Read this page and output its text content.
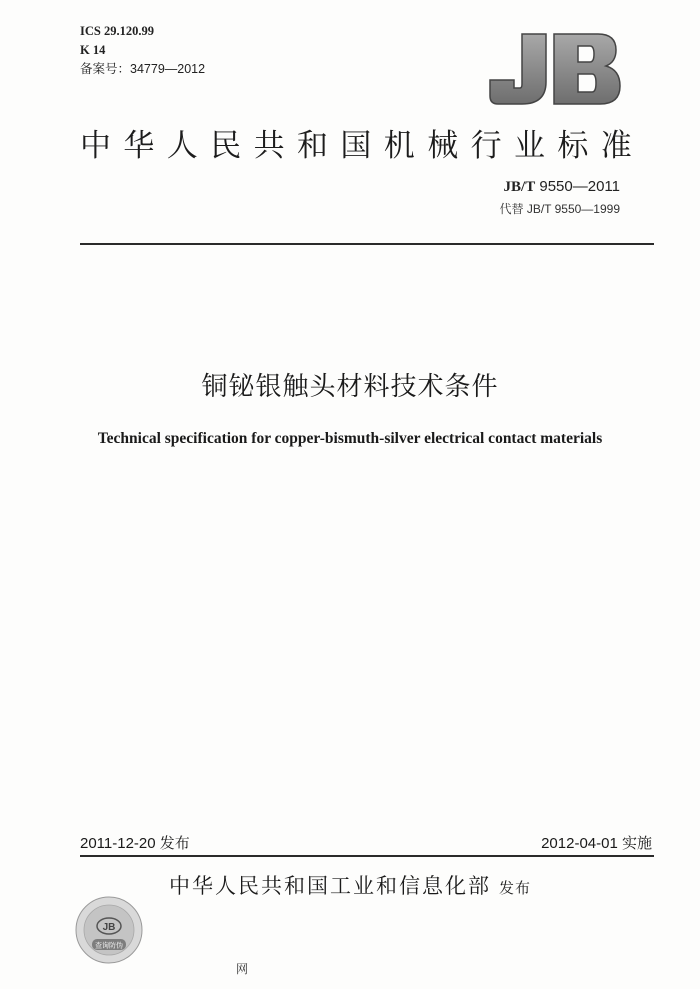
ICS 29.120.99
K 14
备案号：34779—2012
中华人民共和国机械行业标准
JB/T 9550—2011
代替 JB/T 9550—1999
铜铋银触头材料技术条件
Technical specification for copper-bismuth-silver electrical contact materials
2011-12-20 发布	2012-04-01 实施
中华人民共和国工业和信息化部 发布
JB
查询防伪
网
